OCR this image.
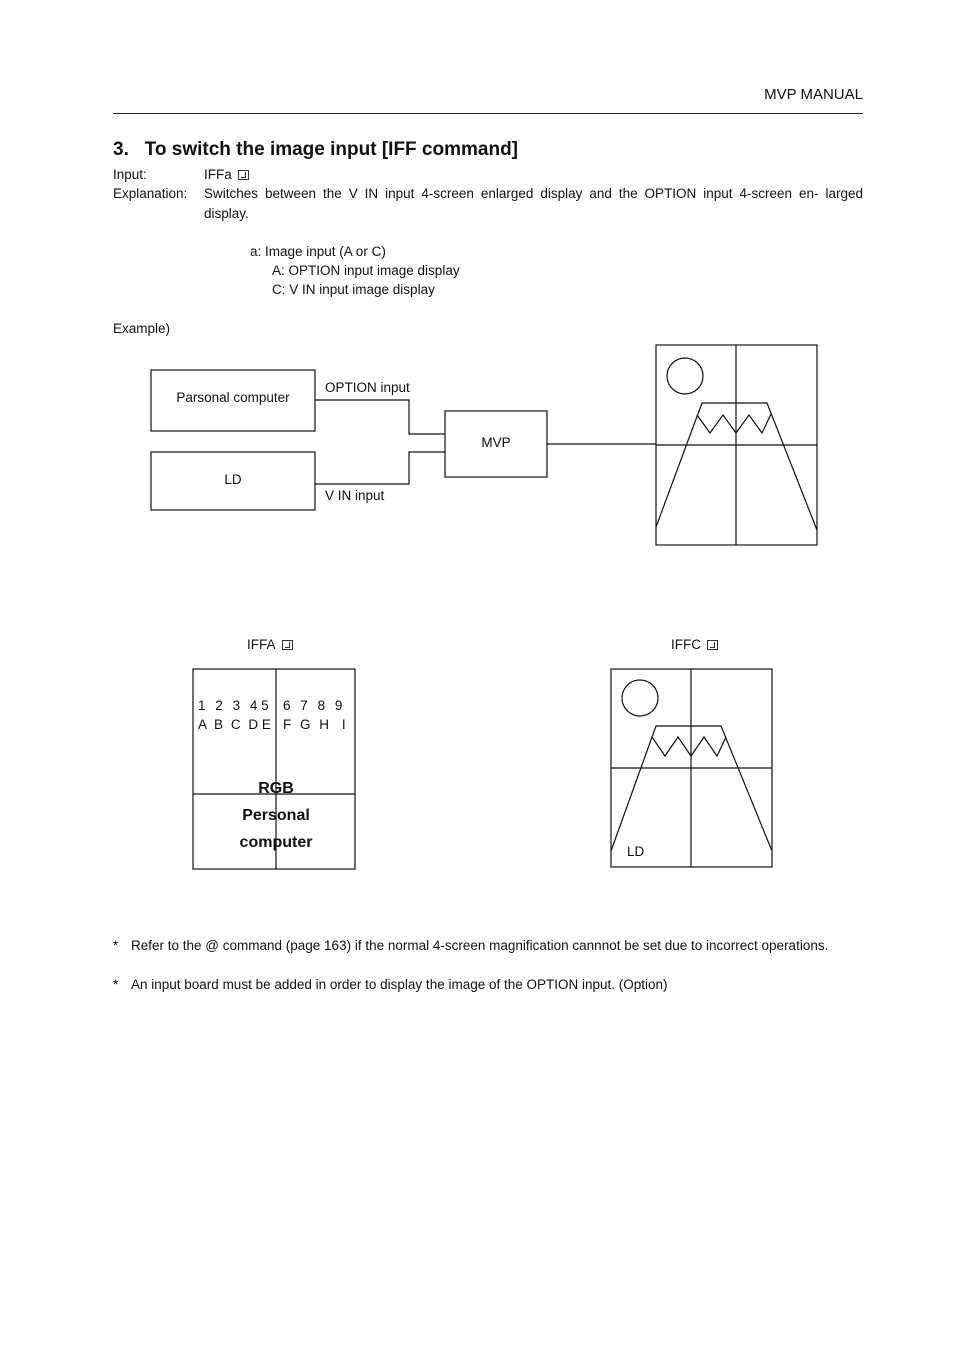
MVP MANUAL
3.   To switch the image input [IFF command]
Input:	IFFa
Explanation: Switches between the V IN input 4-screen enlarged display and the OPTION input 4-screen en- larged display.
a: Image input (A or C)
A: OPTION input image display
C: V IN input image display
Example)
Parsonal computer
LD
MVP
OPTION input
V IN input
IFFA
1 2 3 4 5 6 7 8 9
A B C D E F G H I
RGB
Personal
computer
IFFC
LD
* Refer to the @ command (page 163) if the normal 4-screen magnification cannnot be set due to incorrect operations.
* An input board must be added in order to display the image of the OPTION input. (Option)
